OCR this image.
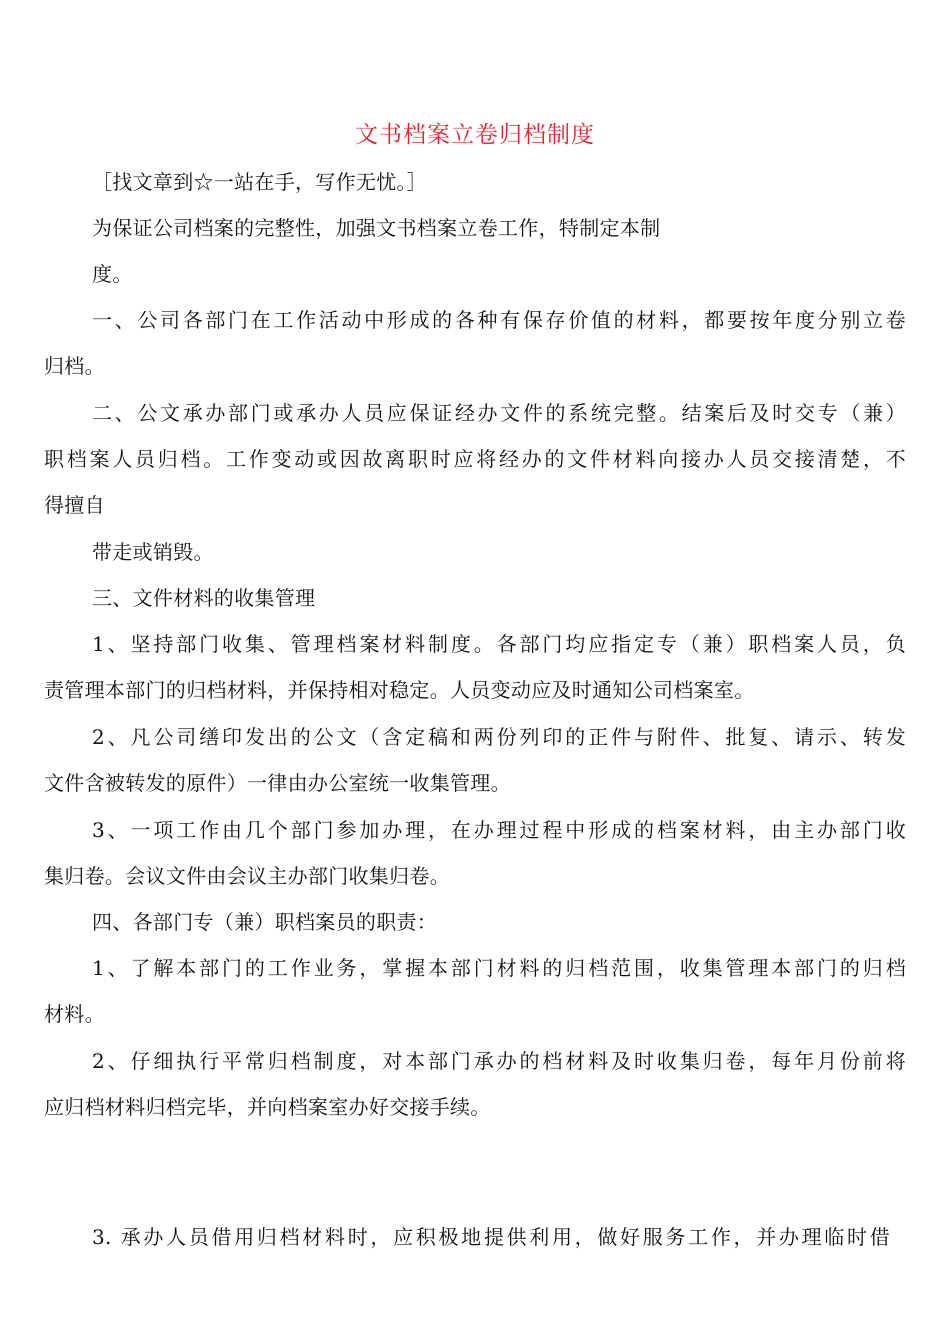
文书档案立卷归档制度
［找文章到☆一站在手，写作无忧。］
为保证公司档案的完整性，加强文书档案立卷工作，特制定本制
度。
一、公司各部门在工作活动中形成的各种有保存价值的材料，都要按年度分别立卷
归档。
二、公文承办部门或承办人员应保证经办文件的系统完整。结案后及时交专（兼）
职档案人员归档。工作变动或因故离职时应将经办的文件材料向接办人员交接清楚，不
得擅自
带走或销毁。
三、文件材料的收集管理
1、坚持部门收集、管理档案材料制度。各部门均应指定专（兼）职档案人员，负
责管理本部门的归档材料，并保持相对稳定。人员变动应及时通知公司档案室。
2、凡公司缮印发出的公文（含定稿和两份列印的正件与附件、批复、请示、转发
文件含被转发的原件）一律由办公室统一收集管理。
3、一项工作由几个部门参加办理，在办理过程中形成的档案材料，由主办部门收
集归卷。会议文件由会议主办部门收集归卷。
四、各部门专（兼）职档案员的职责：
1、了解本部门的工作业务，掌握本部门材料的归档范围，收集管理本部门的归档
材料。
2、仔细执行平常归档制度，对本部门承办的档材料及时收集归卷，每年月份前将
应归档材料归档完毕，并向档案室办好交接手续。
3. 承办人员借用归档材料时，应积极地提供利用，做好服务工作，并办理临时借
